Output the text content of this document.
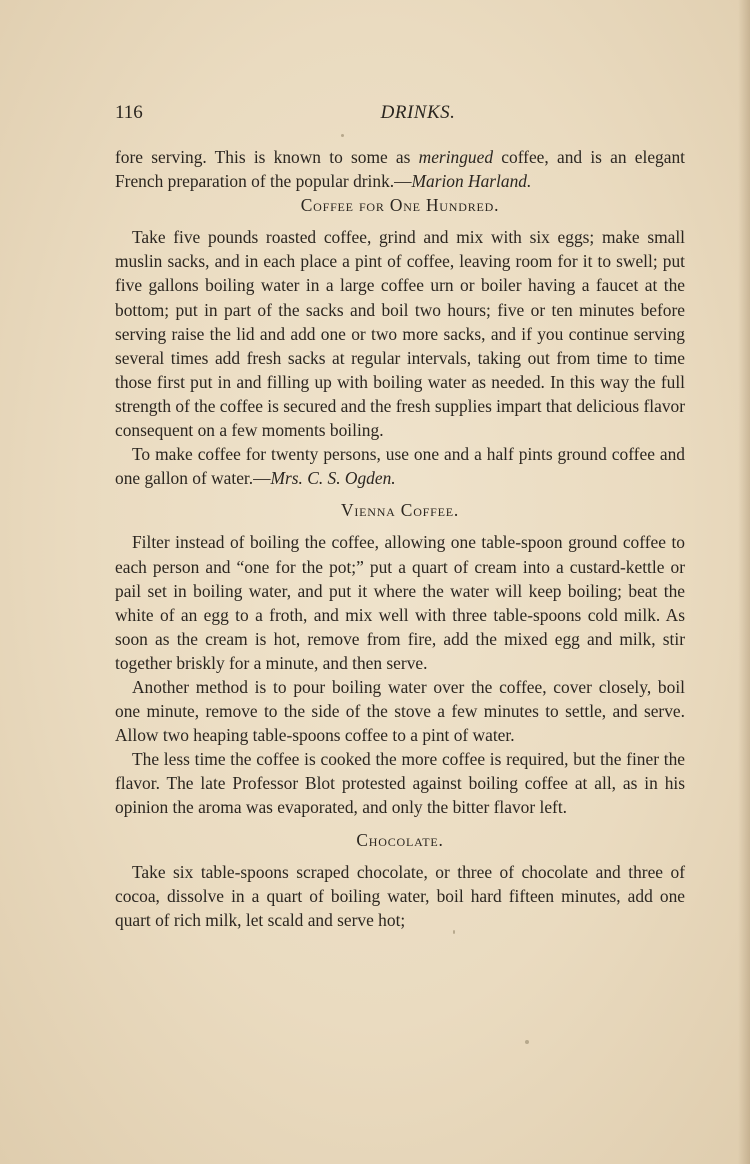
116	DRINKS.

fore serving. This is known to some as meringued coffee, and is an elegant French preparation of the popular drink.—Marion Harland.

Coffee for One Hundred.

Take five pounds roasted coffee, grind and mix with six eggs; make small muslin sacks, and in each place a pint of coffee, leaving room for it to swell; put five gallons boiling water in a large coffee urn or boiler having a faucet at the bottom; put in part of the sacks and boil two hours; five or ten minutes before serving raise the lid and add one or two more sacks, and if you continue serving several times add fresh sacks at regular intervals, taking out from time to time those first put in and filling up with boiling water as needed. In this way the full strength of the coffee is secured and the fresh supplies impart that delicious flavor consequent on a few moments boiling.

To make coffee for twenty persons, use one and a half pints ground coffee and one gallon of water.—Mrs. C. S. Ogden.

Vienna Coffee.

Filter instead of boiling the coffee, allowing one table-spoon ground coffee to each person and “one for the pot;” put a quart of cream into a custard-kettle or pail set in boiling water, and put it where the water will keep boiling; beat the white of an egg to a froth, and mix well with three table-spoons cold milk. As soon as the cream is hot, remove from fire, add the mixed egg and milk, stir together briskly for a minute, and then serve.

Another method is to pour boiling water over the coffee, cover closely, boil one minute, remove to the side of the stove a few minutes to settle, and serve. Allow two heaping table-spoons coffee to a pint of water.

The less time the coffee is cooked the more coffee is required, but the finer the flavor. The late Professor Blot protested against boiling coffee at all, as in his opinion the aroma was evaporated, and only the bitter flavor left.

Chocolate.

Take six table-spoons scraped chocolate, or three of chocolate and three of cocoa, dissolve in a quart of boiling water, boil hard fifteen minutes, add one quart of rich milk, let scald and serve hot;
